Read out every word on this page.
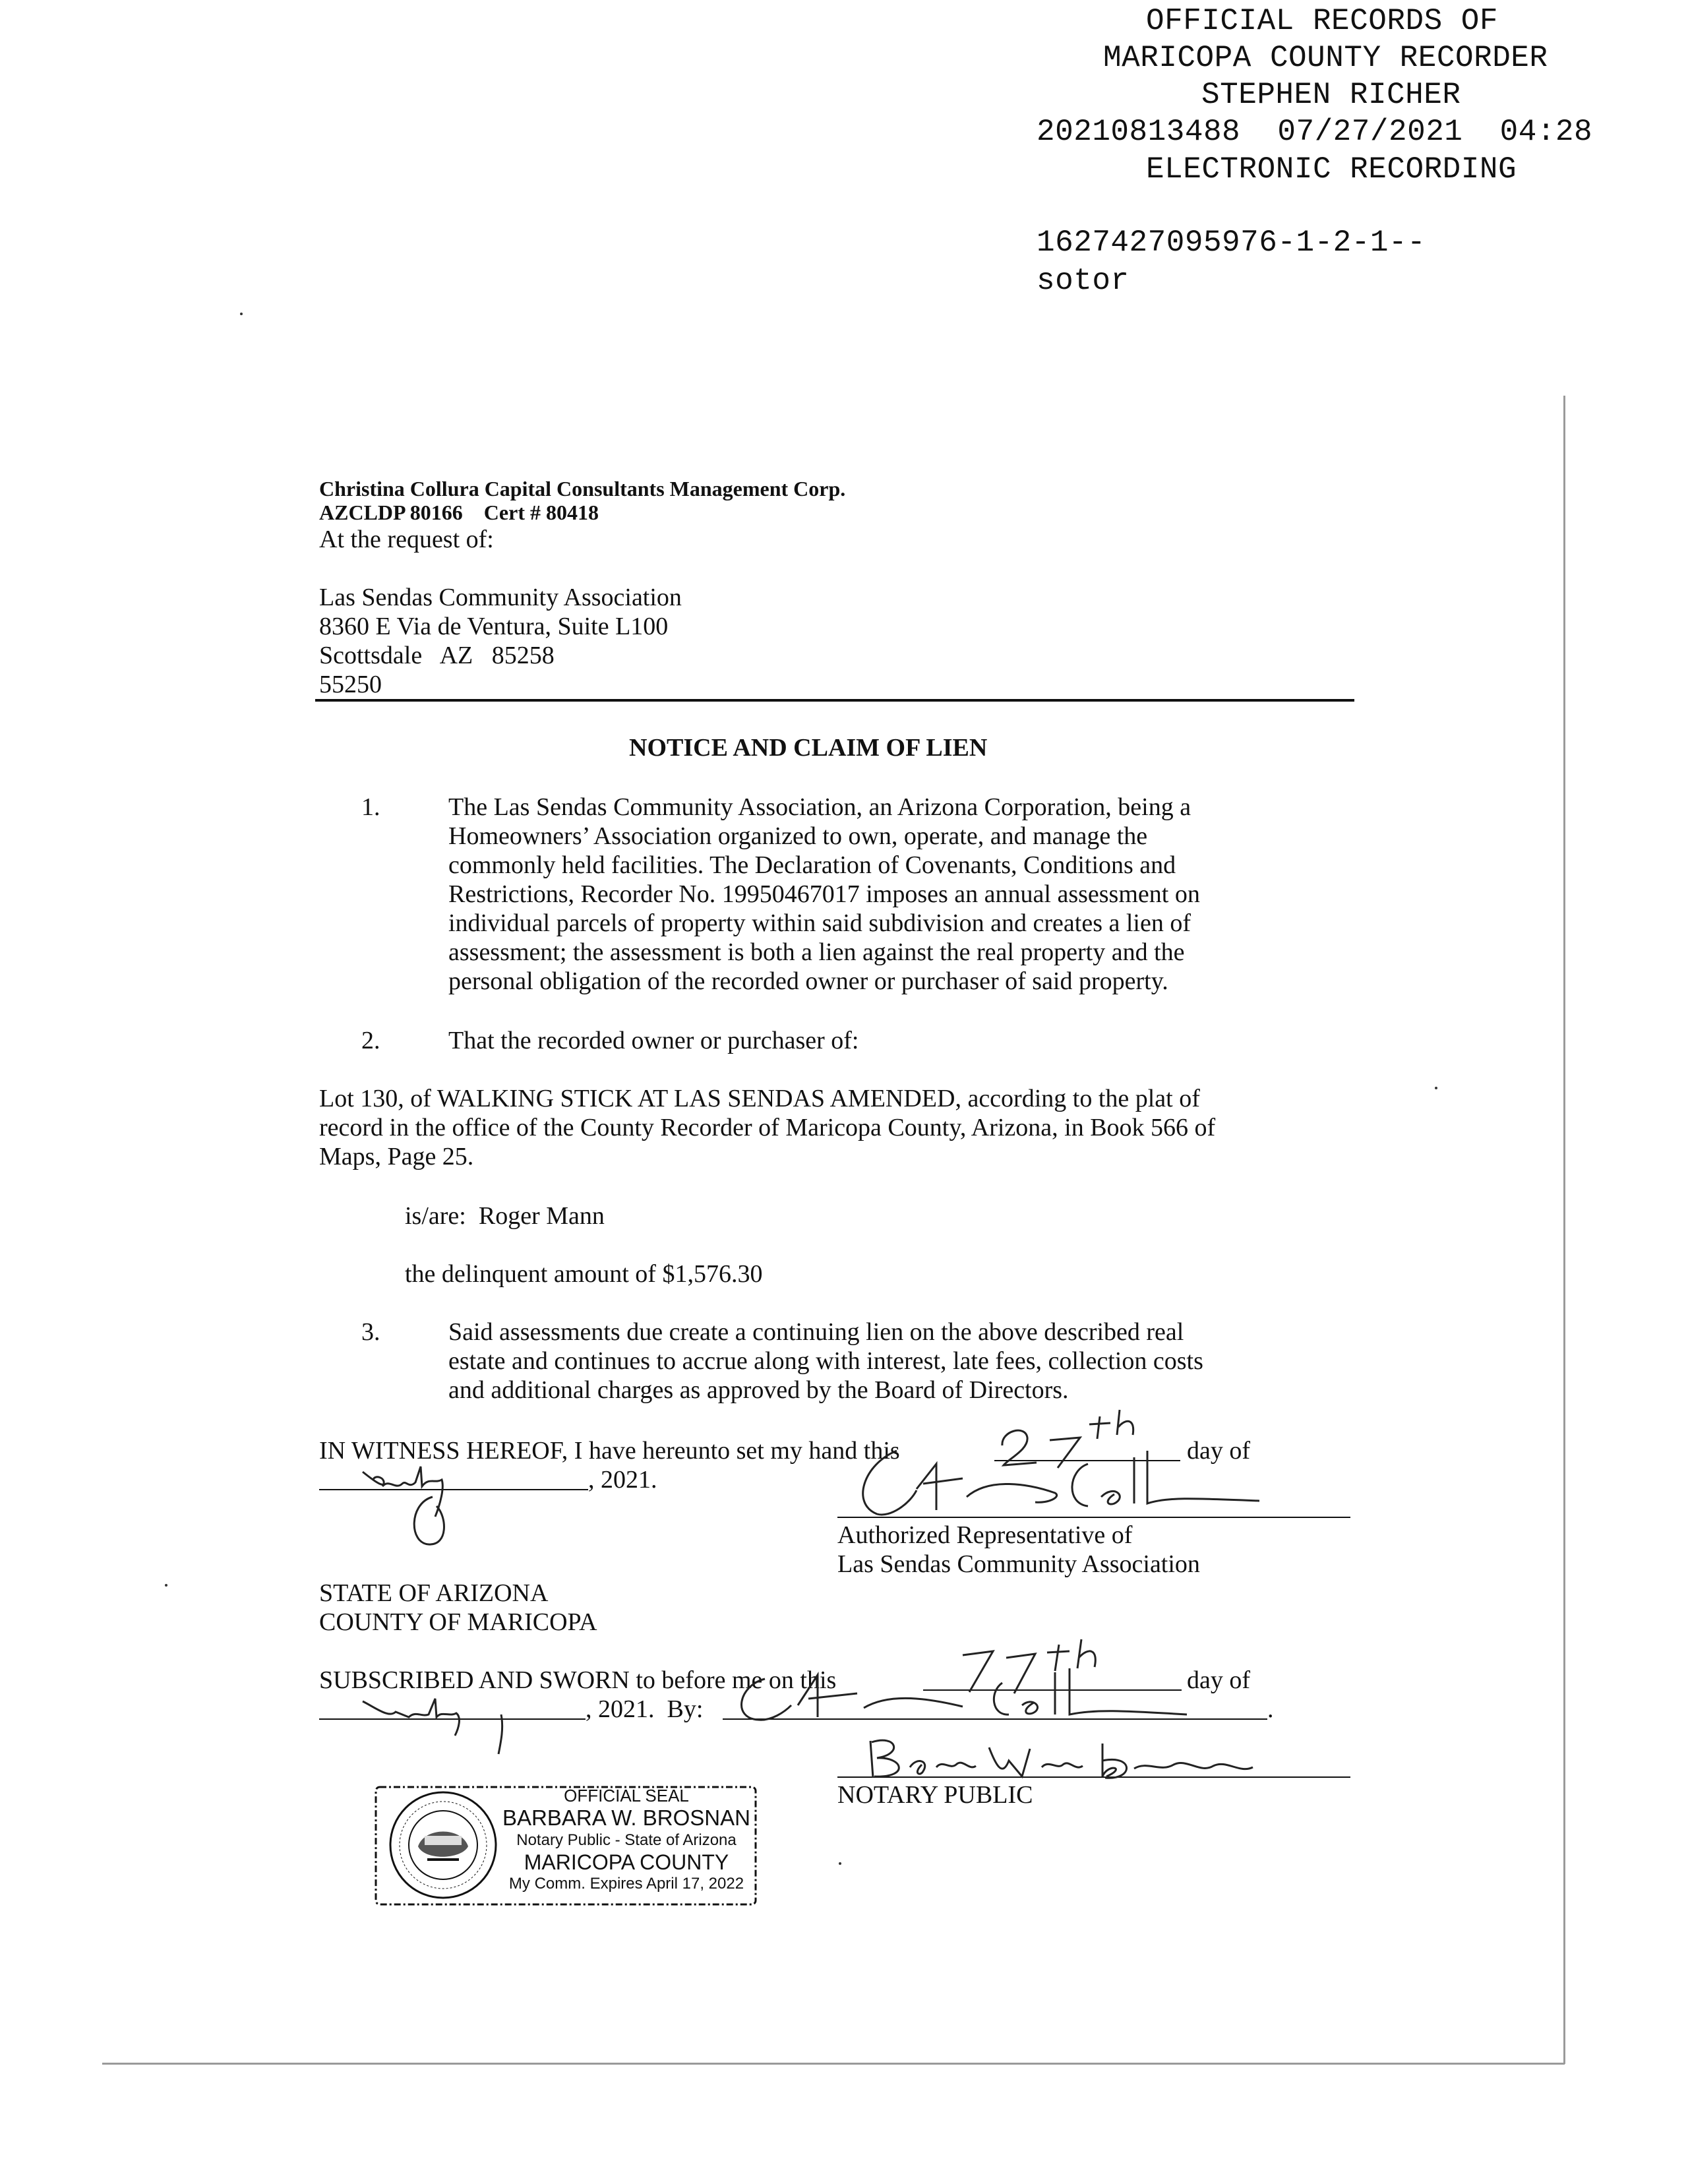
OFFICIAL RECORDS OF
MARICOPA COUNTY RECORDER
STEPHEN RICHER
20210813488  07/27/2021  04:28
ELECTRONIC RECORDING
1627427095976-1-2-1--
sotor
Christina Collura Capital Consultants Management Corp.
AZCLDP 80166    Cert # 80418
At the request of:
Las Sendas Community Association
8360 E Via de Ventura, Suite L100
Scottsdale   AZ   85258
55250
NOTICE AND CLAIM OF LIEN
1.	The Las Sendas Community Association, an Arizona Corporation, being a
Homeowners’ Association organized to own, operate, and manage the
commonly held facilities. The Declaration of Covenants, Conditions and
Restrictions, Recorder No. 19950467017 imposes an annual assessment on
individual parcels of property within said subdivision and creates a lien of
assessment; the assessment is both a lien against the real property and the
personal obligation of the recorded owner or purchaser of said property.
2.	That the recorded owner or purchaser of:
Lot 130, of WALKING STICK AT LAS SENDAS AMENDED, according to the plat of
record in the office of the County Recorder of Maricopa County, Arizona, in Book 566 of
Maps, Page 25.
is/are:  Roger Mann
the delinquent amount of $1,576.30
3.	Said assessments due create a continuing lien on the above described real
estate and continues to accrue along with interest, late fees, collection costs
and additional charges as approved by the Board of Directors.
IN WITNESS HEREOF, I have hereunto set my hand this	day of
, 2021.
Authorized Representative of
Las Sendas Community Association
STATE OF ARIZONA
COUNTY OF MARICOPA
SUBSCRIBED AND SWORN to before me on this	day of
, 2021.  By:	.
NOTARY PUBLIC
OFFICIAL SEAL
BARBARA W. BROSNAN
Notary Public - State of Arizona
MARICOPA COUNTY
My Comm. Expires April 17, 2022
